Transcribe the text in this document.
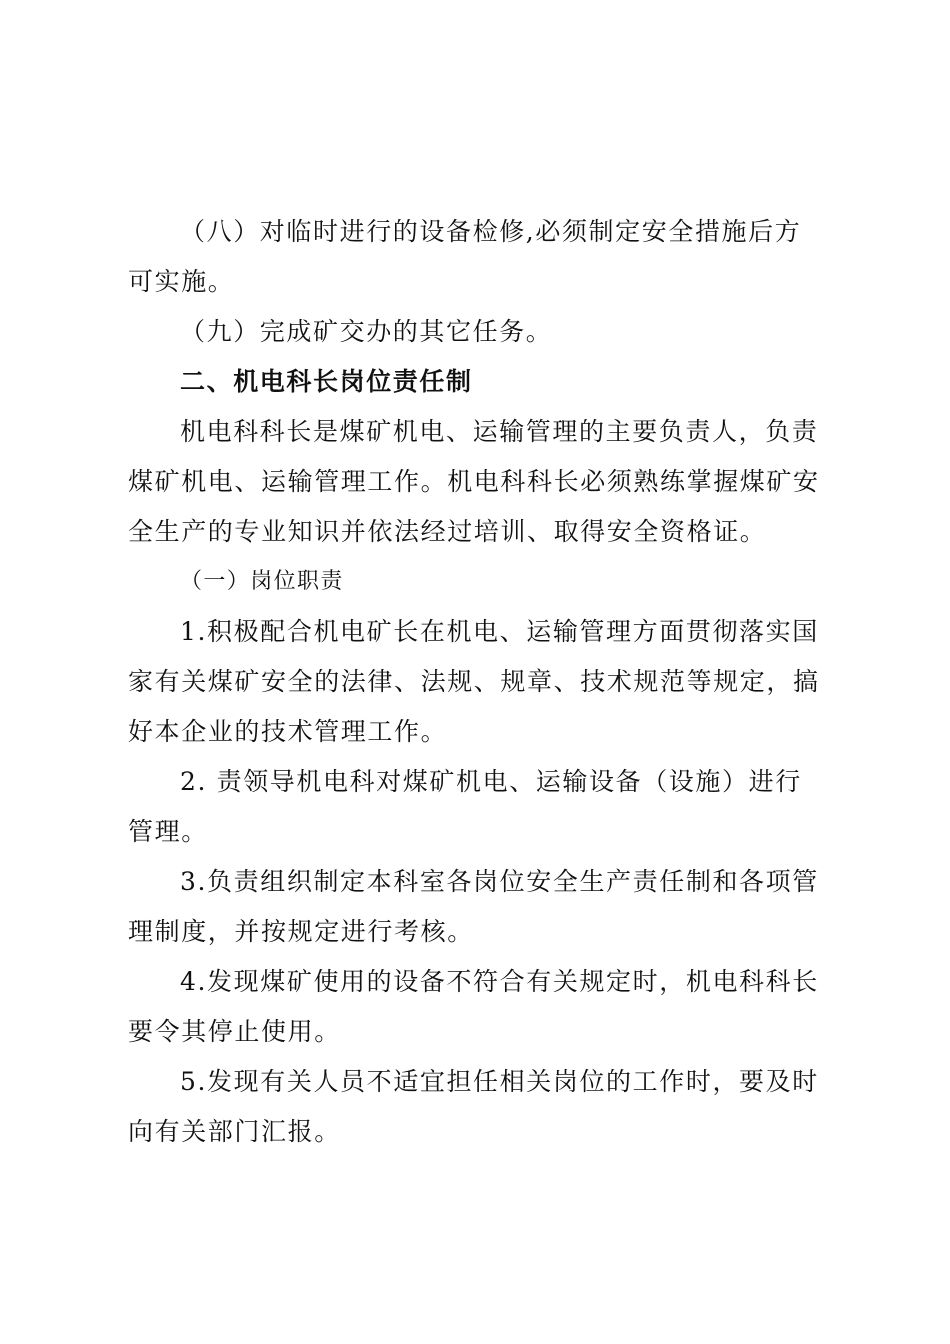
（八）对临时进行的设备检修,必须制定安全措施后方可实施。

（九）完成矿交办的其它任务。

二、机电科长岗位责任制

机电科科长是煤矿机电、运输管理的主要负责人，负责煤矿机电、运输管理工作。机电科科长必须熟练掌握煤矿安全生产的专业知识并依法经过培训、取得安全资格证。

（一）岗位职责

1.积极配合机电矿长在机电、运输管理方面贯彻落实国家有关煤矿安全的法律、法规、规章、技术规范等规定，搞好本企业的技术管理工作。

2. 责领导机电科对煤矿机电、运输设备（设施）进行管理。

3.负责组织制定本科室各岗位安全生产责任制和各项管理制度，并按规定进行考核。

4.发现煤矿使用的设备不符合有关规定时，机电科科长要令其停止使用。

5.发现有关人员不适宜担任相关岗位的工作时，要及时向有关部门汇报。
